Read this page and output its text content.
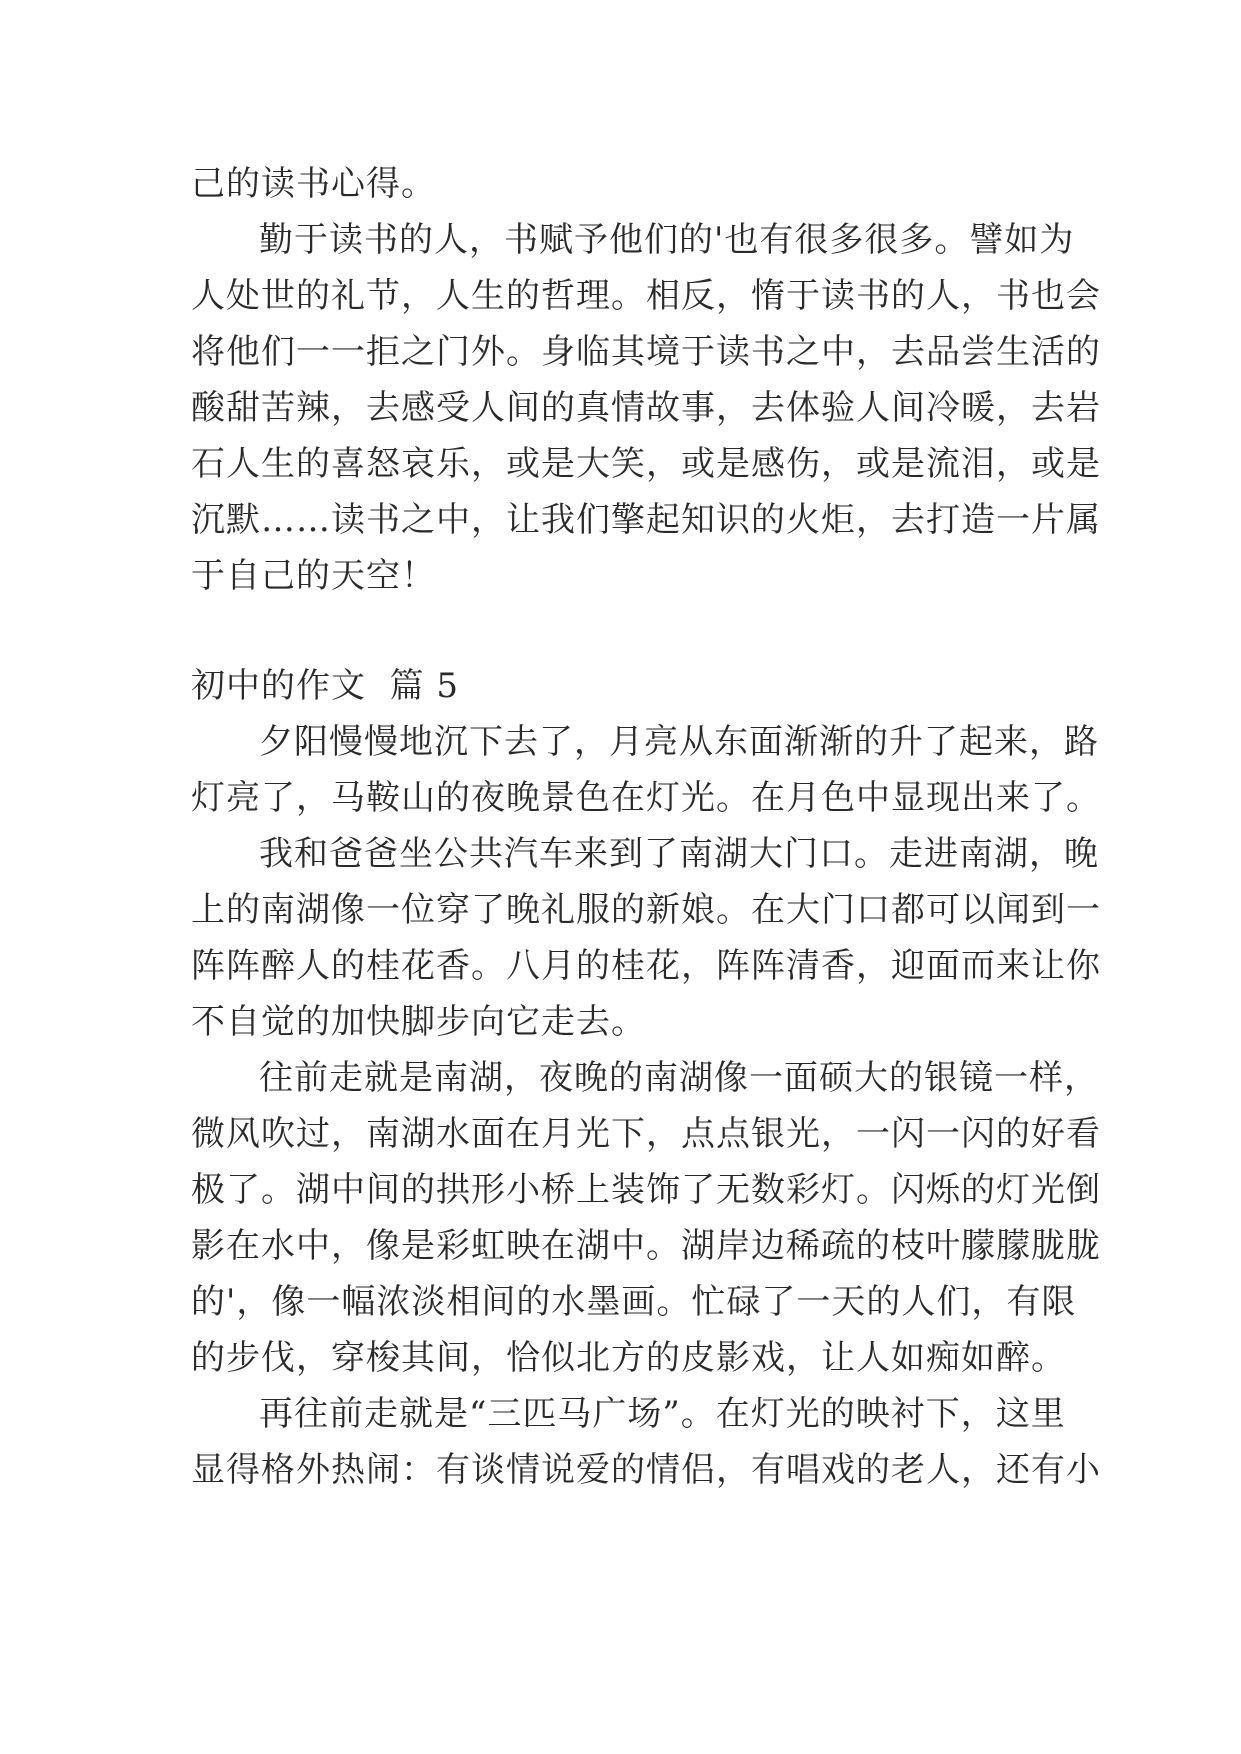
己的读书心得。
勤于读书的人，书赋予他们的'也有很多很多。譬如为
人处世的礼节，人生的哲理。相反，惰于读书的人，书也会
将他们一一拒之门外。身临其境于读书之中，去品尝生活的
酸甜苦辣，去感受人间的真情故事，去体验人间冷暖，去岩
石人生的喜怒哀乐，或是大笑，或是感伤，或是流泪，或是
沉默……读书之中，让我们擎起知识的火炬，去打造一片属
于自己的天空！
初中的作文  篇 5
夕阳慢慢地沉下去了，月亮从东面渐渐的升了起来，路
灯亮了，马鞍山的夜晚景色在灯光。在月色中显现出来了。
我和爸爸坐公共汽车来到了南湖大门口。走进南湖，晚
上的南湖像一位穿了晚礼服的新娘。在大门口都可以闻到一
阵阵醉人的桂花香。八月的桂花，阵阵清香，迎面而来让你
不自觉的加快脚步向它走去。
往前走就是南湖，夜晚的南湖像一面硕大的银镜一样，
微风吹过，南湖水面在月光下，点点银光，一闪一闪的好看
极了。湖中间的拱形小桥上装饰了无数彩灯。闪烁的灯光倒
影在水中，像是彩虹映在湖中。湖岸边稀疏的枝叶朦朦胧胧
的'，像一幅浓淡相间的水墨画。忙碌了一天的人们，有限
的步伐，穿梭其间，恰似北方的皮影戏，让人如痴如醉。
再往前走就是“三匹马广场”。在灯光的映衬下，这里
显得格外热闹：有谈情说爱的情侣，有唱戏的老人，还有小
